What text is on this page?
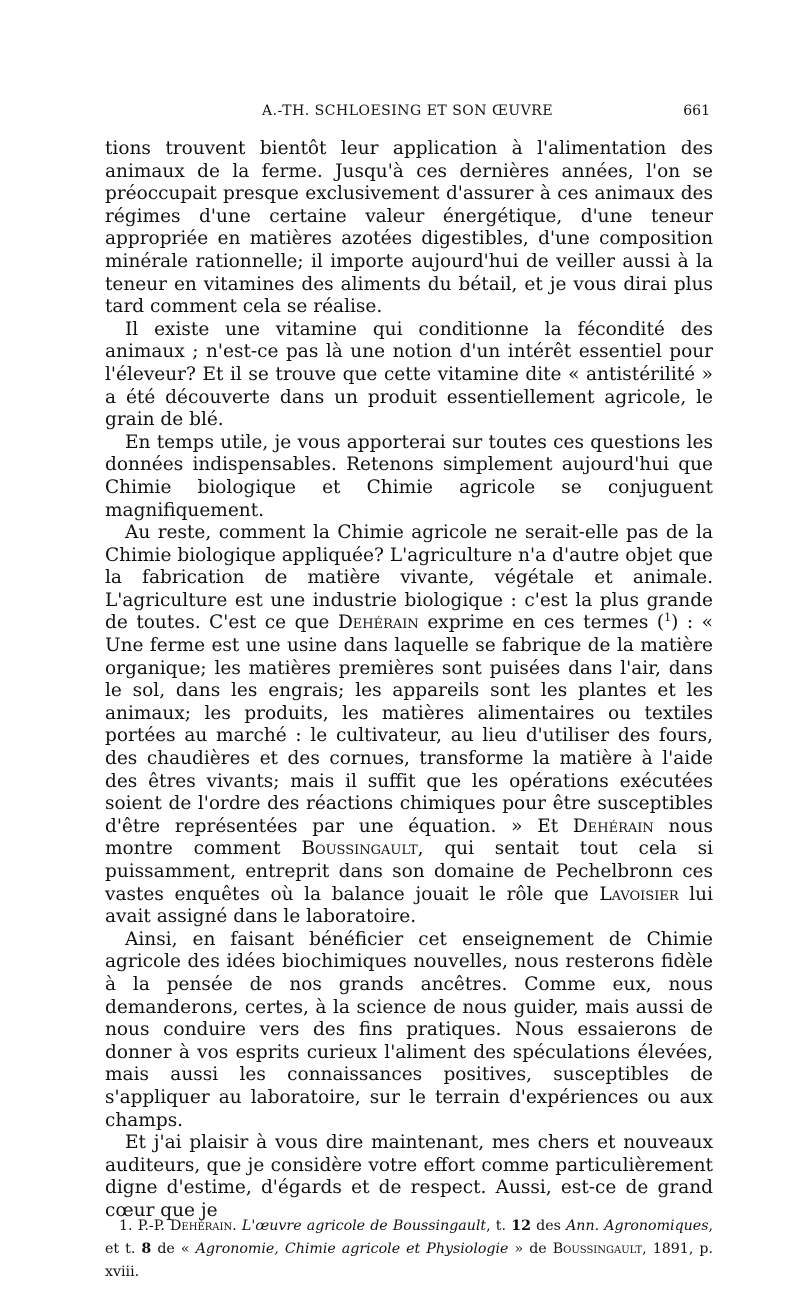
A.-TH. SCHLOESING ET SON ŒUVRE	661

tions trouvent bientôt leur application à l'alimentation des animaux de la ferme. Jusqu'à ces dernières années, l'on se préoccupait presque exclusivement d'assurer à ces animaux des régimes d'une certaine valeur énergétique, d'une teneur appropriée en matières azotées digestibles, d'une composition minérale rationnelle; il importe aujourd'hui de veiller aussi à la teneur en vitamines des aliments du bétail, et je vous dirai plus tard comment cela se réalise.

Il existe une vitamine qui conditionne la fécondité des animaux ; n'est-ce pas là une notion d'un intérêt essentiel pour l'éleveur? Et il se trouve que cette vitamine dite « antistérilité » a été découverte dans un produit essentiellement agricole, le grain de blé.

En temps utile, je vous apporterai sur toutes ces questions les données indispensables. Retenons simplement aujourd'hui que Chimie biologique et Chimie agricole se conjuguent magnifiquement.

Au reste, comment la Chimie agricole ne serait-elle pas de la Chimie biologique appliquée? L'agriculture n'a d'autre objet que la fabrication de matière vivante, végétale et animale. L'agriculture est une industrie biologique : c'est la plus grande de toutes. C'est ce que Dehérain exprime en ces termes ($^1$) : « Une ferme est une usine dans laquelle se fabrique de la matière organique; les matières premières sont puisées dans l'air, dans le sol, dans les engrais; les appareils sont les plantes et les animaux; les produits, les matières alimentaires ou textiles portées au marché : le cultivateur, au lieu d'utiliser des fours, des chaudières et des cornues, transforme la matière à l'aide des êtres vivants; mais il suffit que les opérations exécutées soient de l'ordre des réactions chimiques pour être susceptibles d'être représentées par une équation. » Et Dehérain nous montre comment Boussingault, qui sentait tout cela si puissamment, entreprit dans son domaine de Pechelbronn ces vastes enquêtes où la balance jouait le rôle que Lavoisier lui avait assigné dans le laboratoire.

Ainsi, en faisant bénéficier cet enseignement de Chimie agricole des idées biochimiques nouvelles, nous resterons fidèle à la pensée de nos grands ancêtres. Comme eux, nous demanderons, certes, à la science de nous guider, mais aussi de nous conduire vers des fins pratiques. Nous essaierons de donner à vos esprits curieux l'aliment des spéculations élevées, mais aussi les connaissances positives, susceptibles de s'appliquer au laboratoire, sur le terrain d'expériences ou aux champs.

Et j'ai plaisir à vous dire maintenant, mes chers et nouveaux auditeurs, que je considère votre effort comme particulièrement digne d'estime, d'égards et de respect. Aussi, est-ce de grand cœur que je

1. P.-P. Dehérain. L'œuvre agricole de Boussingault, t. 12 des Ann. Agronomiques, et t. 8 de « Agronomie, Chimie agricole et Physiologie » de Boussingault, 1891, p. xviii.
